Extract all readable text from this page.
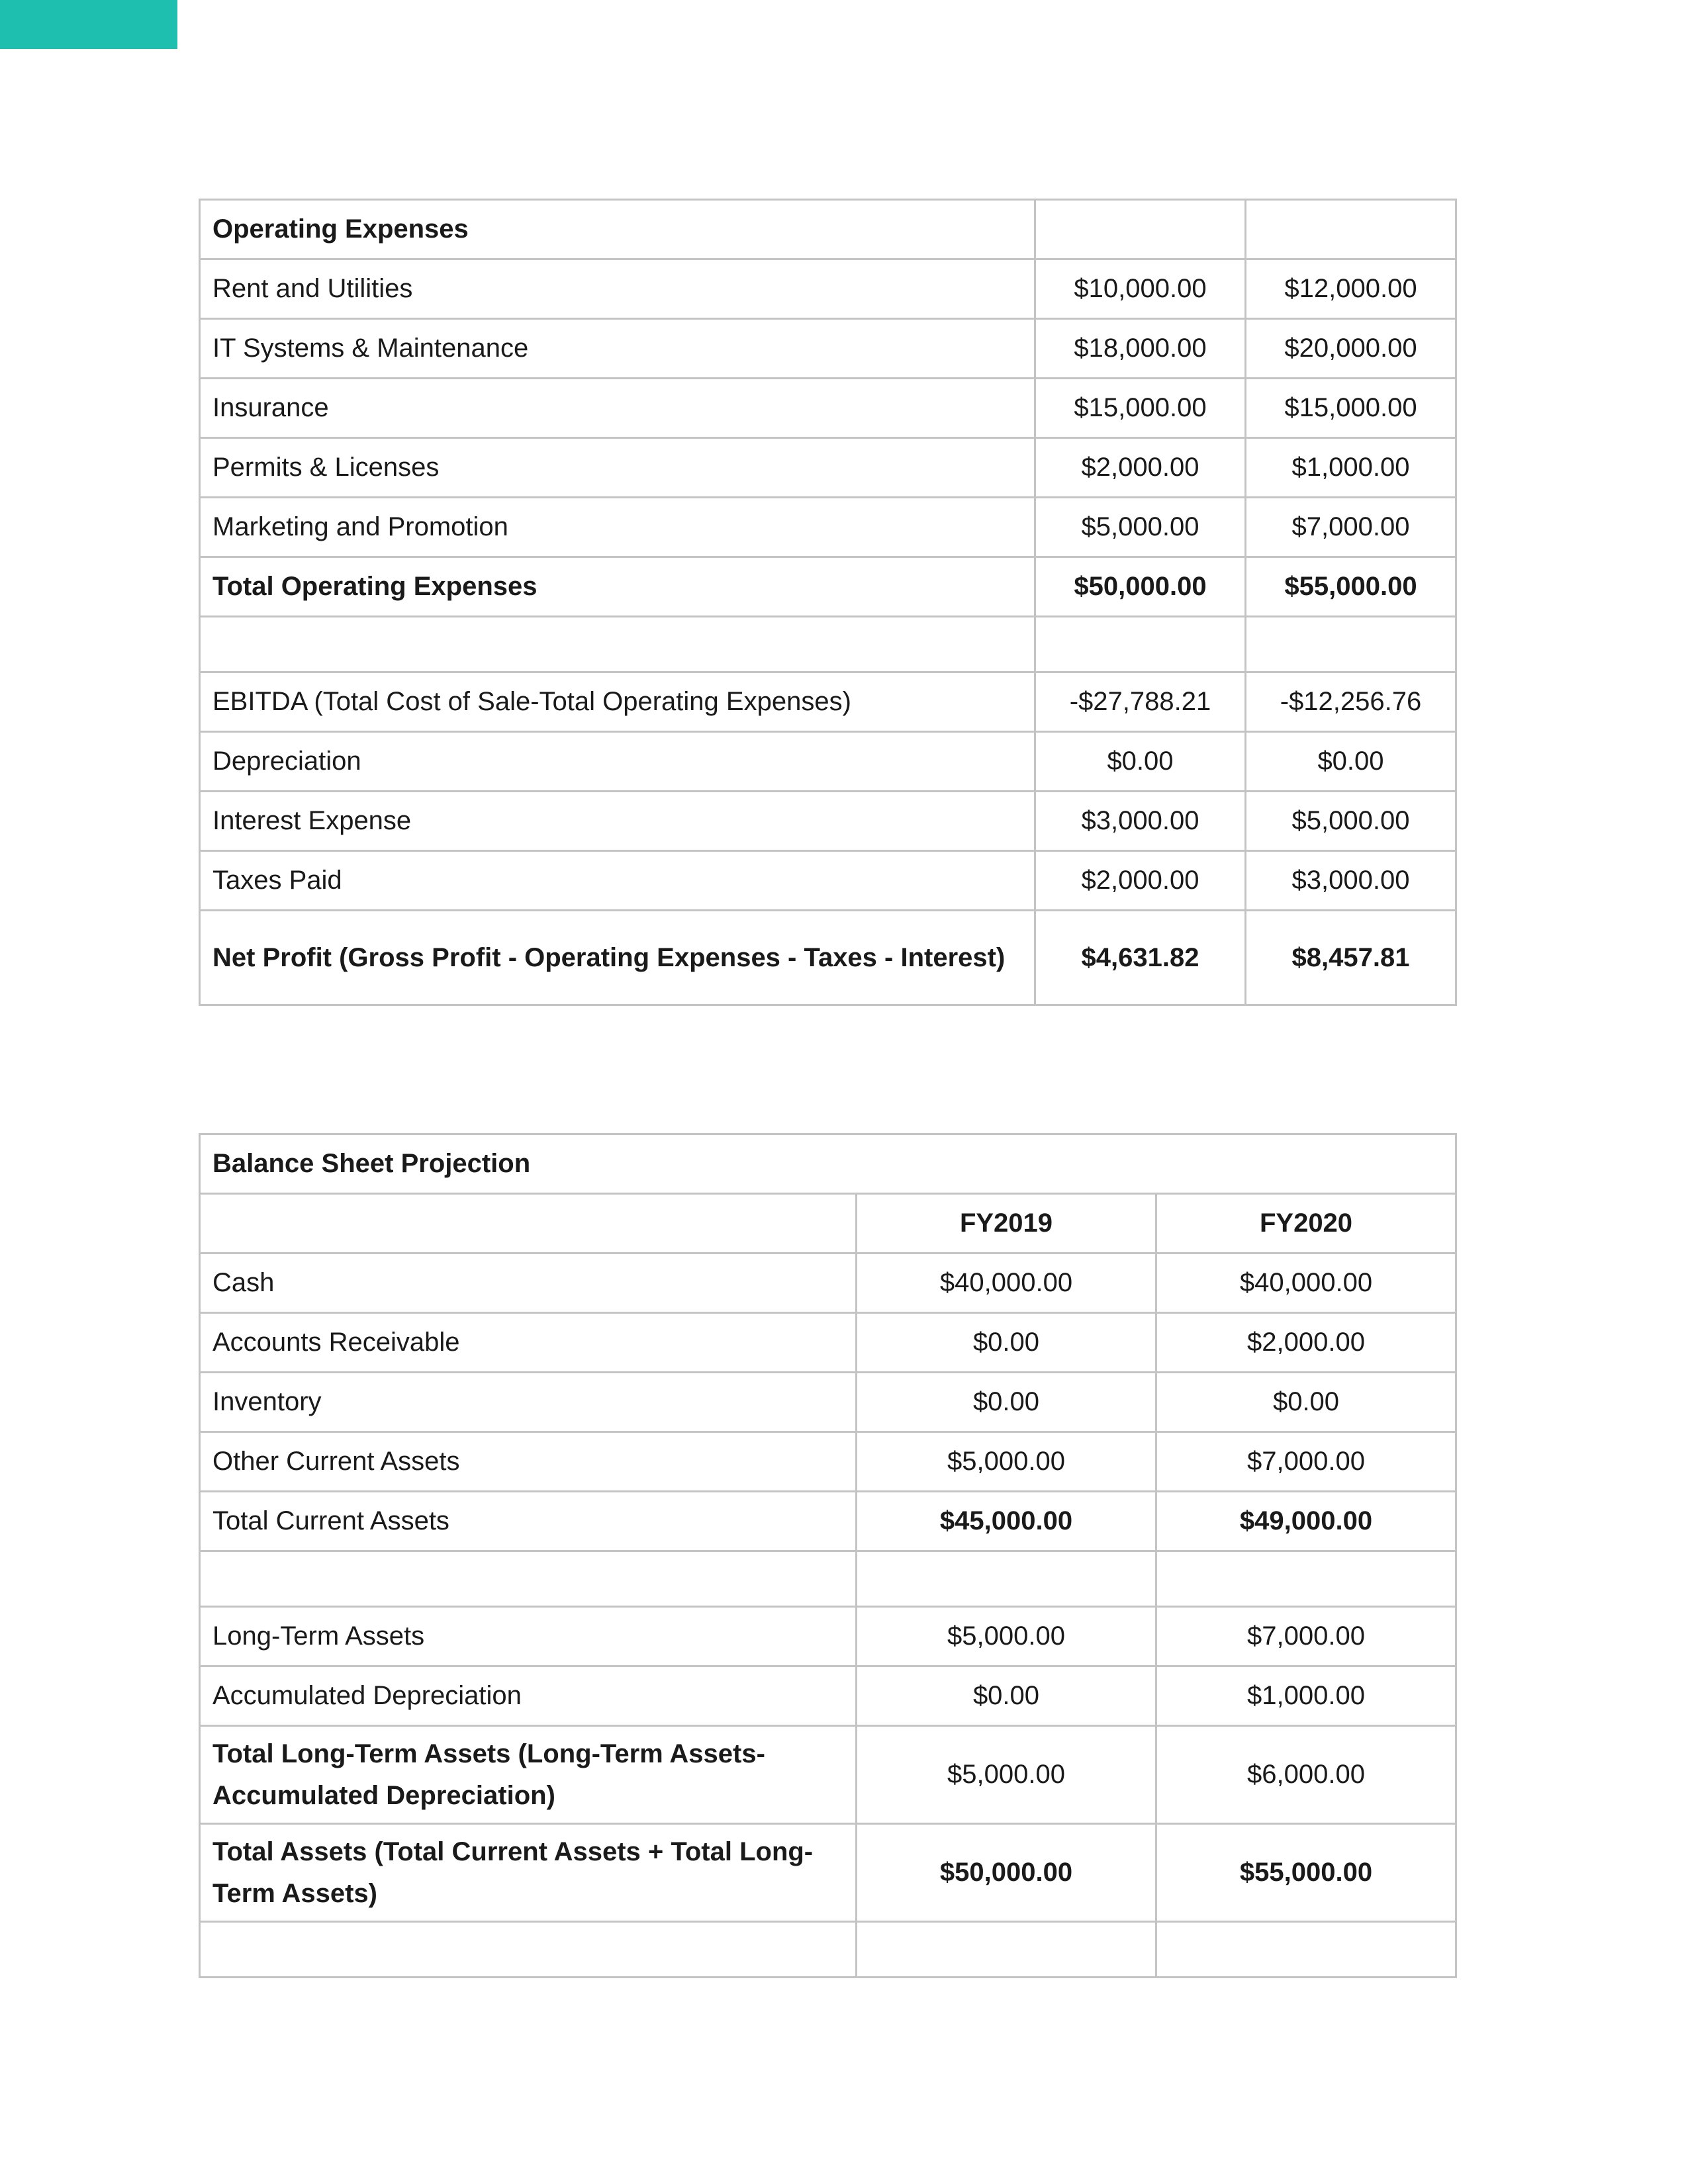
Operating Expenses		
Rent and Utilities	$10,000.00	$12,000.00
IT Systems & Maintenance	$18,000.00	$20,000.00
Insurance	$15,000.00	$15,000.00
Permits & Licenses	$2,000.00	$1,000.00
Marketing and Promotion	$5,000.00	$7,000.00
Total Operating Expenses	$50,000.00	$55,000.00

EBITDA (Total Cost of Sale-Total Operating Expenses)	-$27,788.21	-$12,256.76
Depreciation	$0.00	$0.00
Interest Expense	$3,000.00	$5,000.00
Taxes Paid	$2,000.00	$3,000.00
Net Profit (Gross Profit - Operating Expenses - Taxes - Interest)	$4,631.82	$8,457.81
Balance Sheet Projection		
	FY2019	FY2020
Cash	$40,000.00	$40,000.00
Accounts Receivable	$0.00	$2,000.00
Inventory	$0.00	$0.00
Other Current Assets	$5,000.00	$7,000.00
Total Current Assets	$45,000.00	$49,000.00

Long-Term Assets	$5,000.00	$7,000.00
Accumulated Depreciation	$0.00	$1,000.00

Total Long-Term Assets (Long-Term Assets-
Accumulated Depreciation)	$5,000.00	$6,000.00

Total Assets (Total Current Assets + Total Long-
Term Assets)	$50,000.00	$55,000.00
